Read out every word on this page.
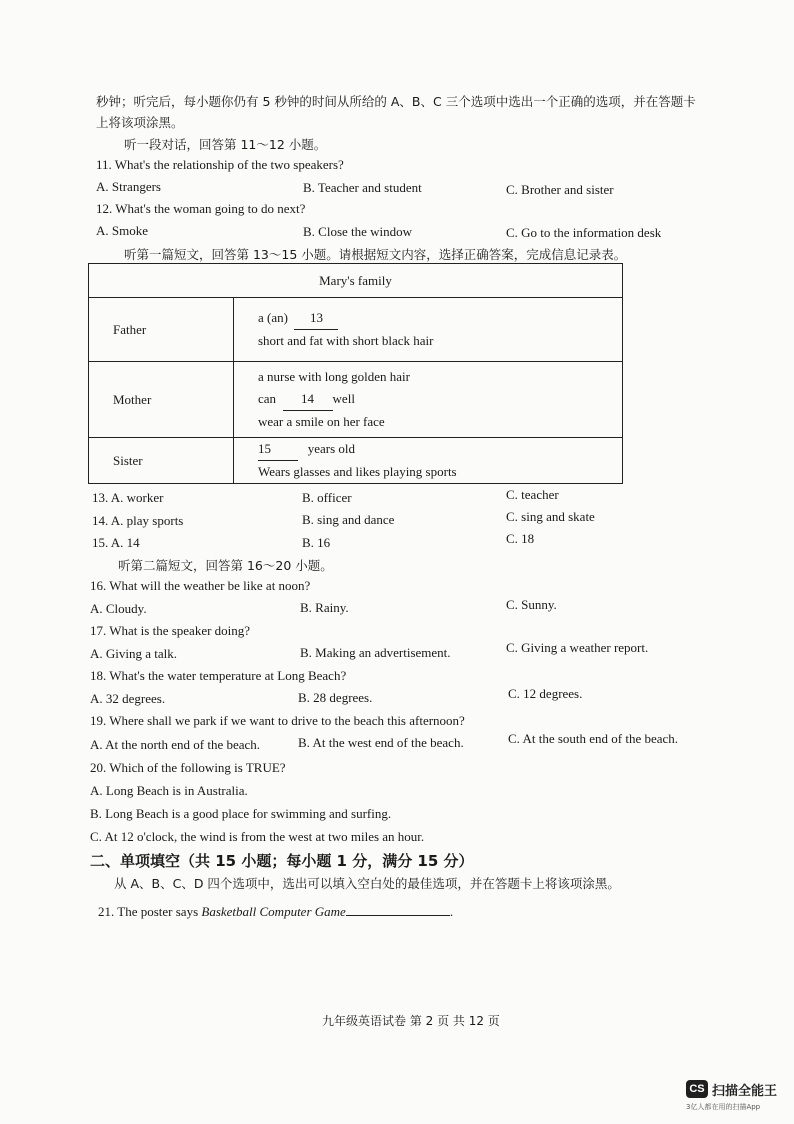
秒钟；听完后，每小题你仍有 5 秒钟的时间从所给的 A、B、C 三个选项中选出一个正确的选项，并在答题卡
上将该项涂黑。
听一段对话，回答第 11～12 小题。
11. What's the relationship of the two speakers?
A. Strangers	B. Teacher and student	C. Brother and sister
12. What's the woman going to do next?
A. Smoke	B. Close the window	C. Go to the information desk
听第一篇短文，回答第 13～15 小题。请根据短文内容，选择正确答案，完成信息记录表。
Mary's family	
Father	a (an) 13
short and fat with short black hair

Mother	a nurse with long golden hair
can 14 well
wear a smile on her face

Sister	15 years old
Wears glasses and likes playing sports
13. A. worker	B. officer	C. teacher
14. A. play sports	B. sing and dance	C. sing and skate
15. A. 14	B. 16	C. 18
听第二篇短文，回答第 16～20 小题。
16. What will the weather be like at noon?
A. Cloudy.	B. Rainy.	C. Sunny.
17. What is the speaker doing?
A. Giving a talk.	B. Making an advertisement.	C. Giving a weather report.
18. What's the water temperature at Long Beach?
A. 32 degrees.	B. 28 degrees.	C. 12 degrees.
19. Where shall we park if we want to drive to the beach this afternoon?
A. At the north end of the beach.	B. At the west end of the beach.	C. At the south end of the beach.
20. Which of the following is TRUE?
A. Long Beach is in Australia.
B. Long Beach is a good place for swimming and surfing.
C. At 12 o'clock, the wind is from the west at two miles an hour.
二、单项填空（共 15 小题；每小题 1 分，满分 15 分）
从 A、B、C、D 四个选项中，选出可以填入空白处的最佳选项，并在答题卡上将该项涂黑。
21. The poster says Basketball Computer Game	.
九年级英语试卷 第 2 页 共 12 页
CS 扫描全能王
3亿人都在用的扫描App
